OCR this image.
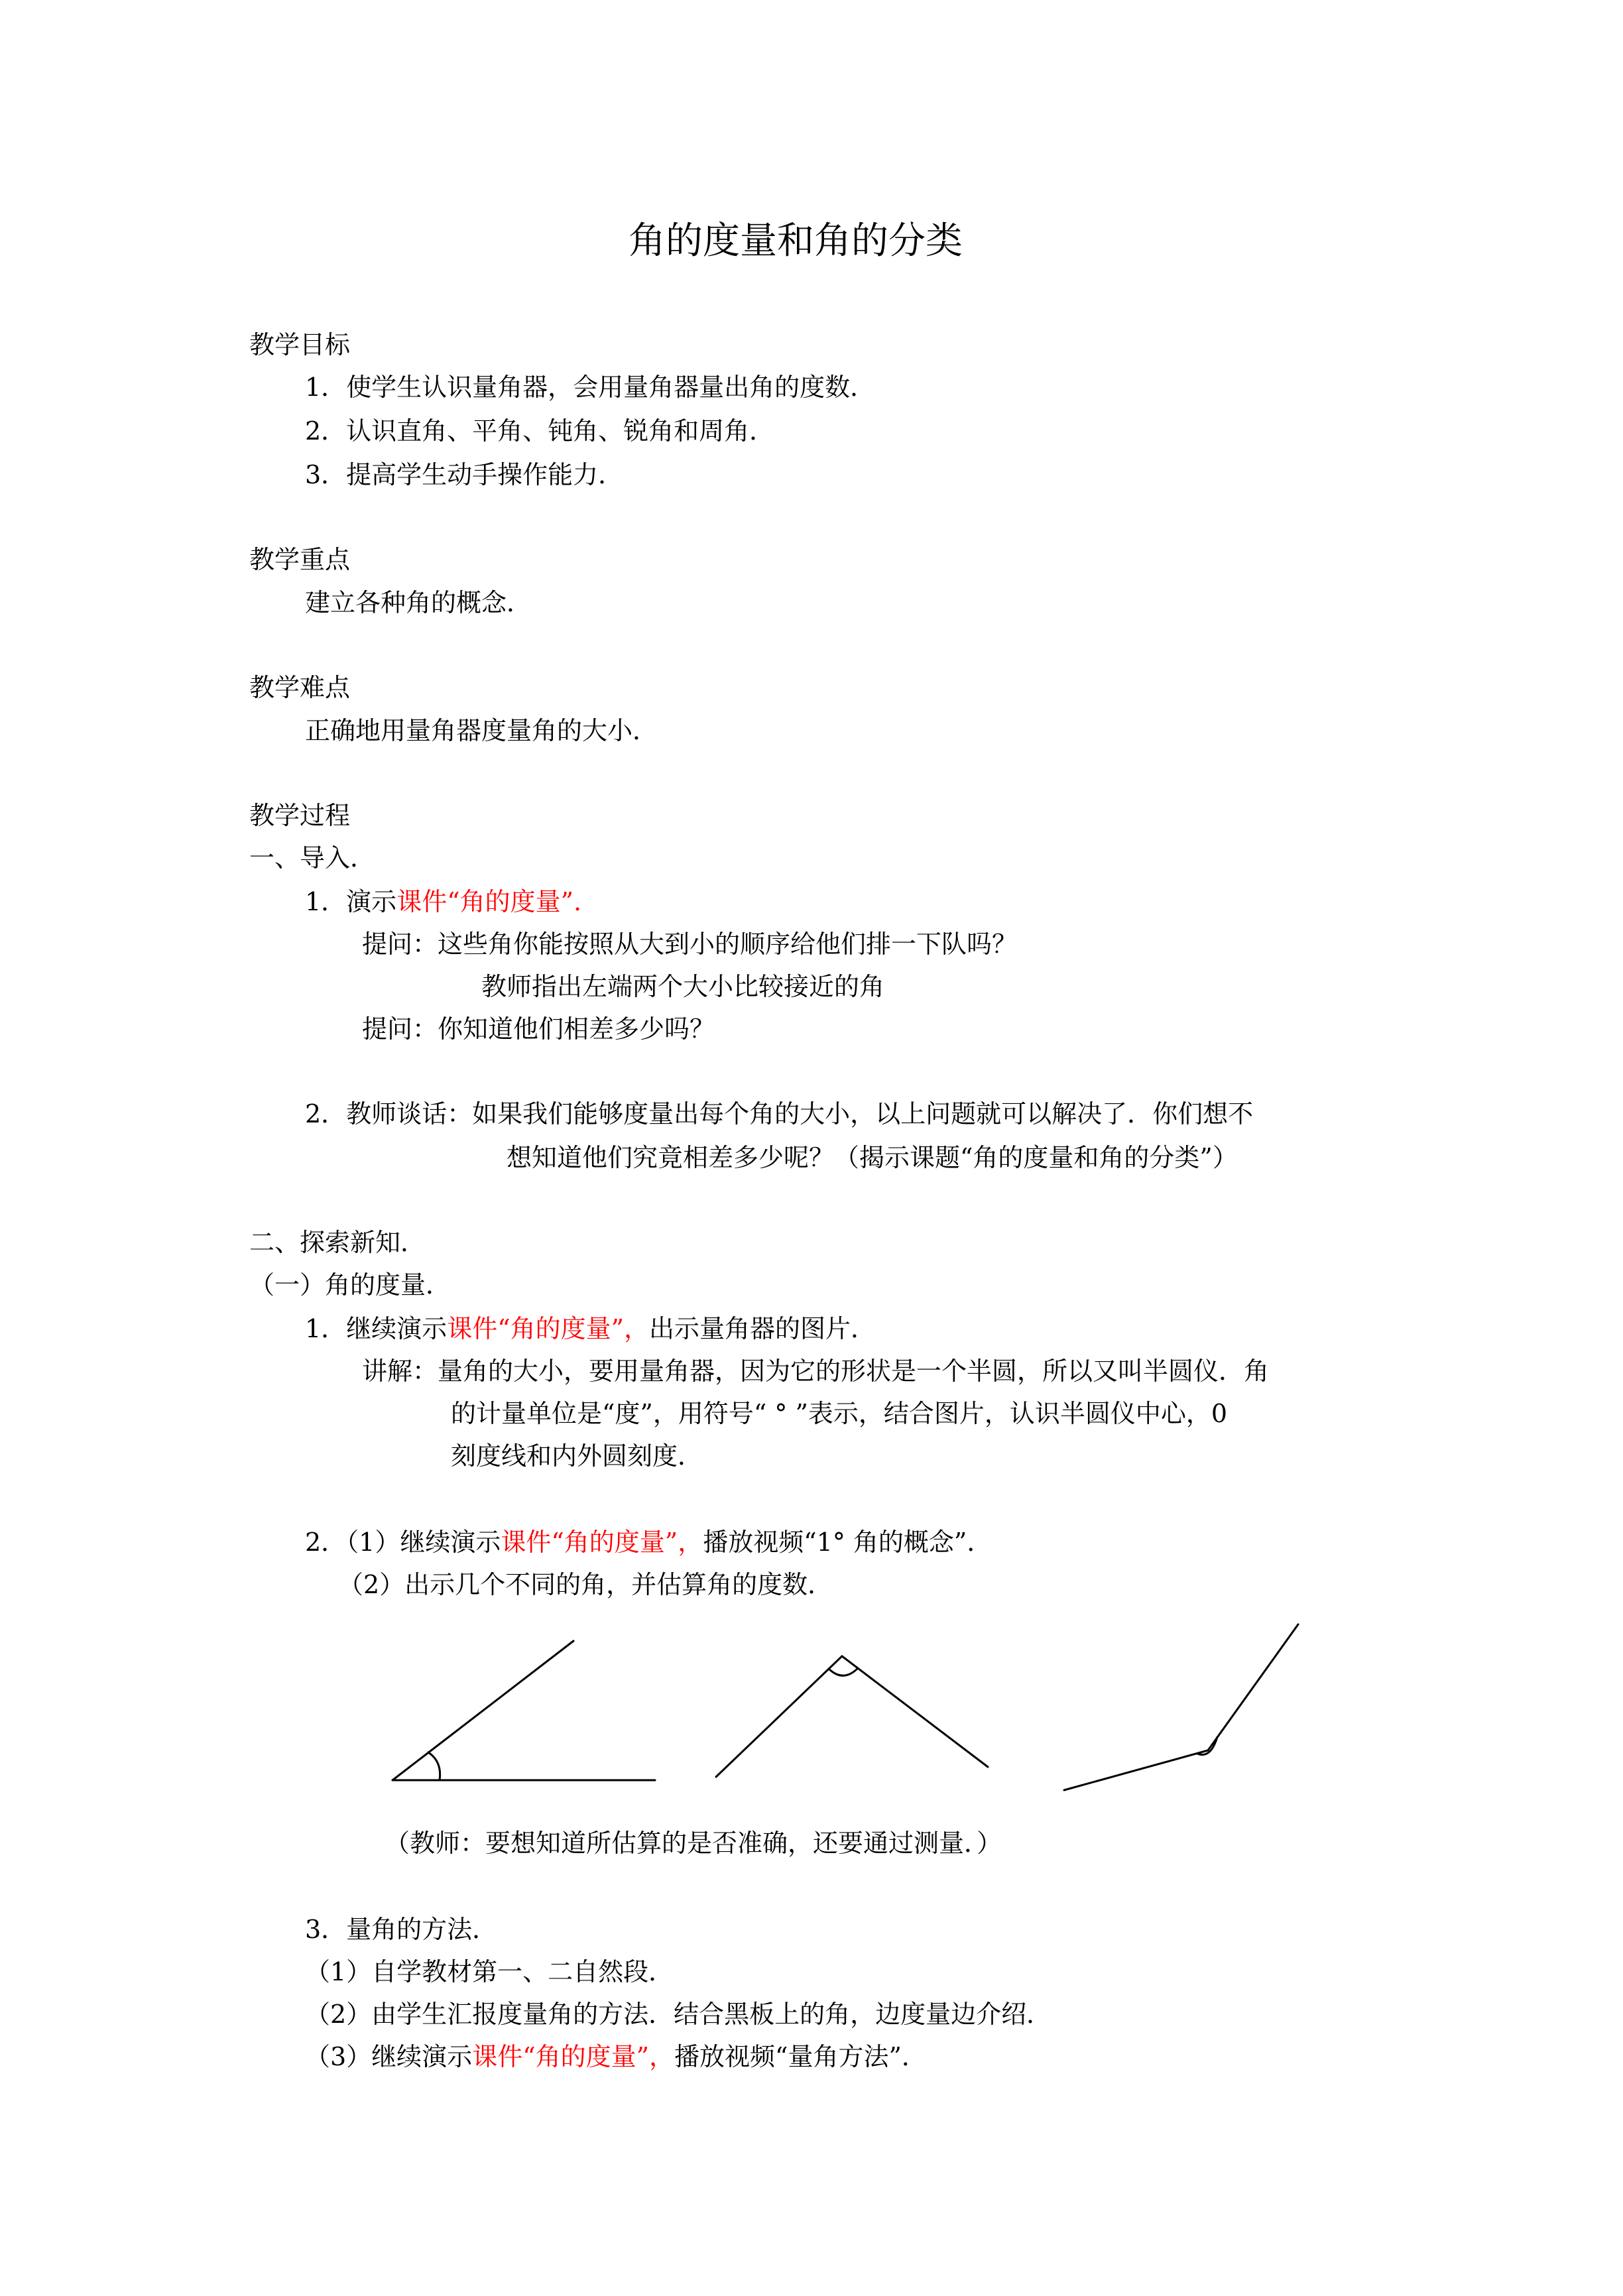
角的度量和角的分类
教学目标
1．使学生认识量角器，会用量角器量出角的度数．
2．认识直角、平角、钝角、锐角和周角．
3．提高学生动手操作能力．
教学重点
建立各种角的概念．
教学难点
正确地用量角器度量角的大小．
教学过程
一、导入．
1．演示课件“角的度量”.
提问：这些角你能按照从大到小的顺序给他们排一下队吗？
教师指出左端两个大小比较接近的角
提问：你知道他们相差多少吗？
2．教师谈话：如果我们能够度量出每个角的大小，以上问题就可以解决了．你们想不
想知道他们究竟相差多少呢？（揭示课题“角的度量和角的分类”）
二、探索新知．
（一）角的度量．
1．继续演示课件“角的度量”，出示量角器的图片．
讲解：量角的大小，要用量角器，因为它的形状是一个半圆，所以又叫半圆仪．角
的计量单位是“度”，用符号“ ° ”表示，结合图片，认识半圆仪中心，0
刻度线和内外圆刻度．
2．（1）继续演示课件“角的度量”，播放视频“1° 角的概念”．
（2）出示几个不同的角，并估算角的度数．
（教师：要想知道所估算的是否准确，还要通过测量．）
3．量角的方法．
（1）自学教材第一、二自然段．
（2）由学生汇报度量角的方法．结合黑板上的角，边度量边介绍．
（3）继续演示课件“角的度量”，播放视频“量角方法”．
